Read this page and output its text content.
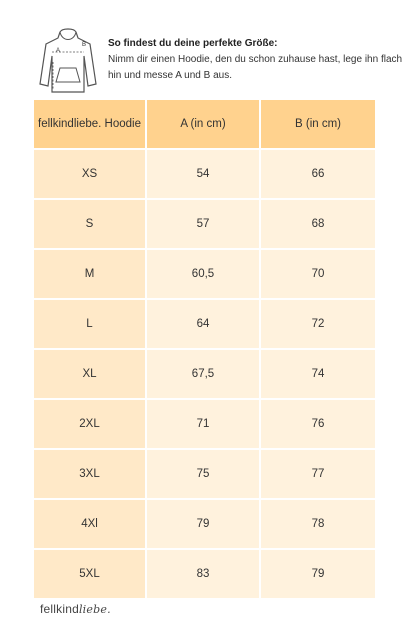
A
B So findest du deine perfekte Größe:

Nimm dir einen Hoodie, den du schon zuhause hast, lege ihn flach hin und messe A und B aus.

fellkindliebe. Hoodie	A (in cm)	B (in cm)
XS	54	66
S	57	68
M	60,5	70
L	64	72
XL	67,5	74
2XL	71	76
3XL	75	77
4Xl	79	78
5XL	83	79
fellkindliebe.
